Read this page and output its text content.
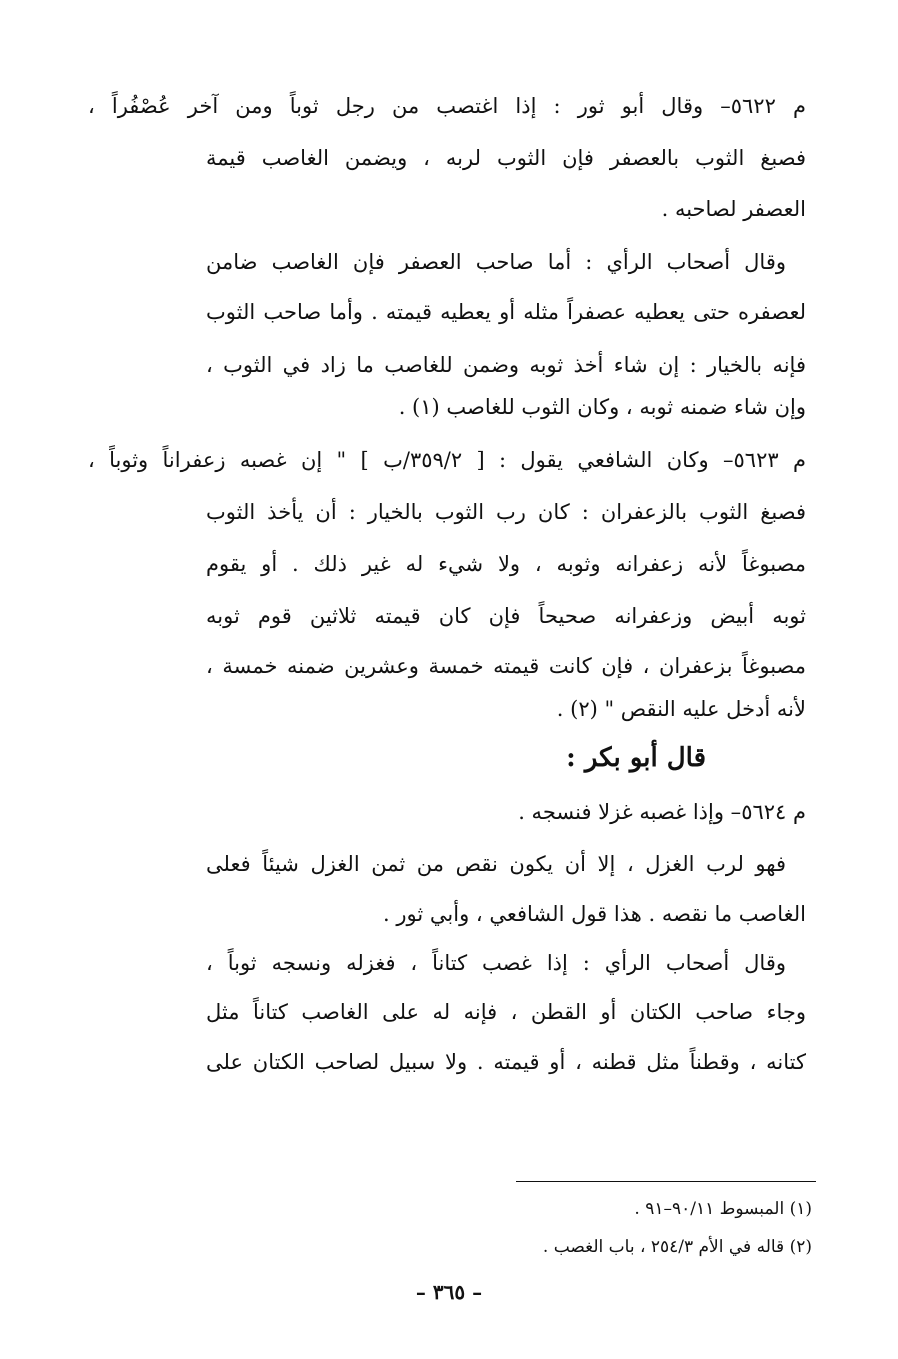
م ٥٦٢٢– وقال أبو ثور : إذا اغتصب من رجل ثوباً ومن آخر عُصْفُراً ،
فصبغ الثوب بالعصفر فإن الثوب لربه ، ويضمن الغاصب قيمة
العصفر لصاحبه .
وقال أصحاب الرأي : أما صاحب العصفر فإن الغاصب ضامن
لعصفره حتى يعطيه عصفراً مثله أو يعطيه قيمته . وأما صاحب الثوب
فإنه بالخيار : إن شاء أخذ ثوبه وضمن للغاصب ما زاد في الثوب ،
وإن شاء ضمنه ثوبه ، وكان الثوب للغاصب (١) .
م ٥٦٢٣– وكان الشافعي يقول : [ ٣٥٩/٢/ب ] " إن غصبه زعفراناً وثوباً ،
فصبغ الثوب بالزعفران : كان رب الثوب بالخيار : أن يأخذ الثوب
مصبوغاً لأنه زعفرانه وثوبه ، ولا شيء له غير ذلك . أو يقوم
ثوبه أبيض وزعفرانه صحيحاً فإن كان قيمته ثلاثين قوم ثوبه
مصبوغاً بزعفران ، فإن كانت قيمته خمسة وعشرين ضمنه خمسة ،
لأنه أدخل عليه النقص " (٢) .
قال أبو بكر :
م ٥٦٢٤– وإذا غصبه غزلا فنسجه .
فهو لرب الغزل ، إلا أن يكون نقص من ثمن الغزل شيئاً فعلى
الغاصب ما نقصه . هذا قول الشافعي ، وأبي ثور .
وقال أصحاب الرأي : إذا غصب كتاناً ، فغزله ونسجه ثوباً ،
وجاء صاحب الكتان أو القطن ، فإنه له على الغاصب كتاناً مثل
كتانه ، وقطناً مثل قطنه ، أو قيمته . ولا سبيل لصاحب الكتان على
(١) المبسوط ٩٠/١١–٩١ .
(٢) قاله في الأم ٢٥٤/٣ ، باب الغصب .
– ٣٦٥ –
